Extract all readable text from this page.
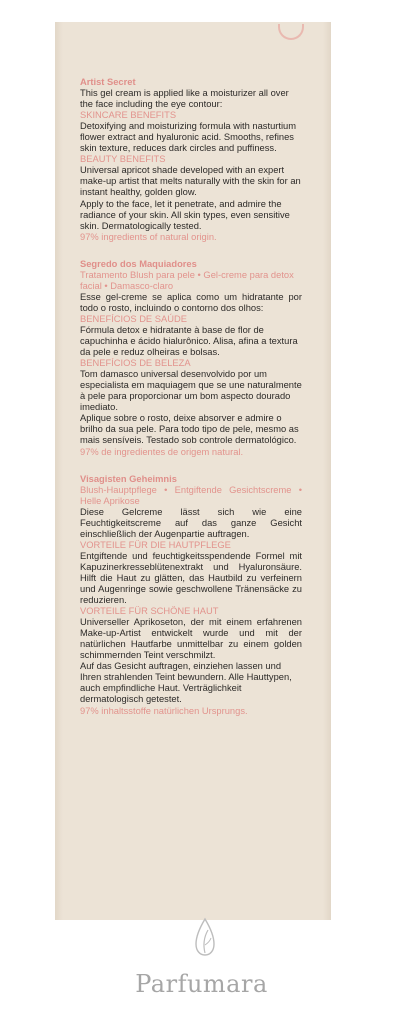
Artist Secret

This gel cream is applied like a moisturizer all over the face including the eye contour:

SKINCARE BENEFITS

Detoxifying and moisturizing formula with nasturtium flower extract and hyaluronic acid. Smooths, refines skin texture, reduces dark circles and puffiness.

BEAUTY BENEFITS

Universal apricot shade developed with an expert make-up artist that melts naturally with the skin for an instant healthy, golden glow.

Apply to the face, let it penetrate, and admire the radiance of your skin. All skin types, even sensitive skin. Dermatologically tested.

97% ingredients of natural origin.

Segredo dos Maquiadores

Tratamento Blush para pele • Gel-creme para detox facial • Damasco-claro

Esse gel-creme se aplica como um hidratante por todo o rosto, incluindo o contorno dos olhos:

BENEFÍCIOS DE SAÚDE

Fórmula detox e hidratante à base de flor de capuchinha e ácido hialurônico. Alisa, afina a textura da pele e reduz olheiras e bolsas.

BENEFÍCIOS DE BELEZA

Tom damasco universal desenvolvido por um especialista em maquiagem que se une naturalmente à pele para proporcionar um bom aspecto dourado imediato.

Aplique sobre o rosto, deixe absorver e admire o brilho da sua pele. Para todo tipo de pele, mesmo as mais sensíveis. Testado sob controle dermatológico.

97% de ingredientes de origem natural.

Visagisten Geheimnis

Blush-Hauptpflege • Entgiftende Gesichtscreme • Helle Aprikose

Diese Gelcreme lässt sich wie eine Feuchtigkeitscreme auf das ganze Gesicht einschließlich der Augenpartie auftragen.

VORTEILE FÜR DIE HAUTPFLEGE

Entgiftende und feuchtigkeitsspendende Formel mit Kapuzinerkresseblütenextrakt und Hyaluronsäure. Hilft die Haut zu glätten, das Hautbild zu verfeinern und Augenringe sowie geschwollene Tränensäcke zu reduzieren.

VORTEILE FÜR SCHÖNE HAUT

Universeller Aprikoseton, der mit einem erfahrenen Make-up-Artist entwickelt wurde und mit der natürlichen Hautfarbe unmittelbar zu einem golden schimmernden Teint verschmilzt.

Auf das Gesicht auftragen, einziehen lassen und Ihren strahlenden Teint bewundern. Alle Hauttypen, auch empfindliche Haut. Verträglichkeit dermatologisch getestet.

97% inhaltsstoffe natürlichen Ursprungs.

Parfumara
